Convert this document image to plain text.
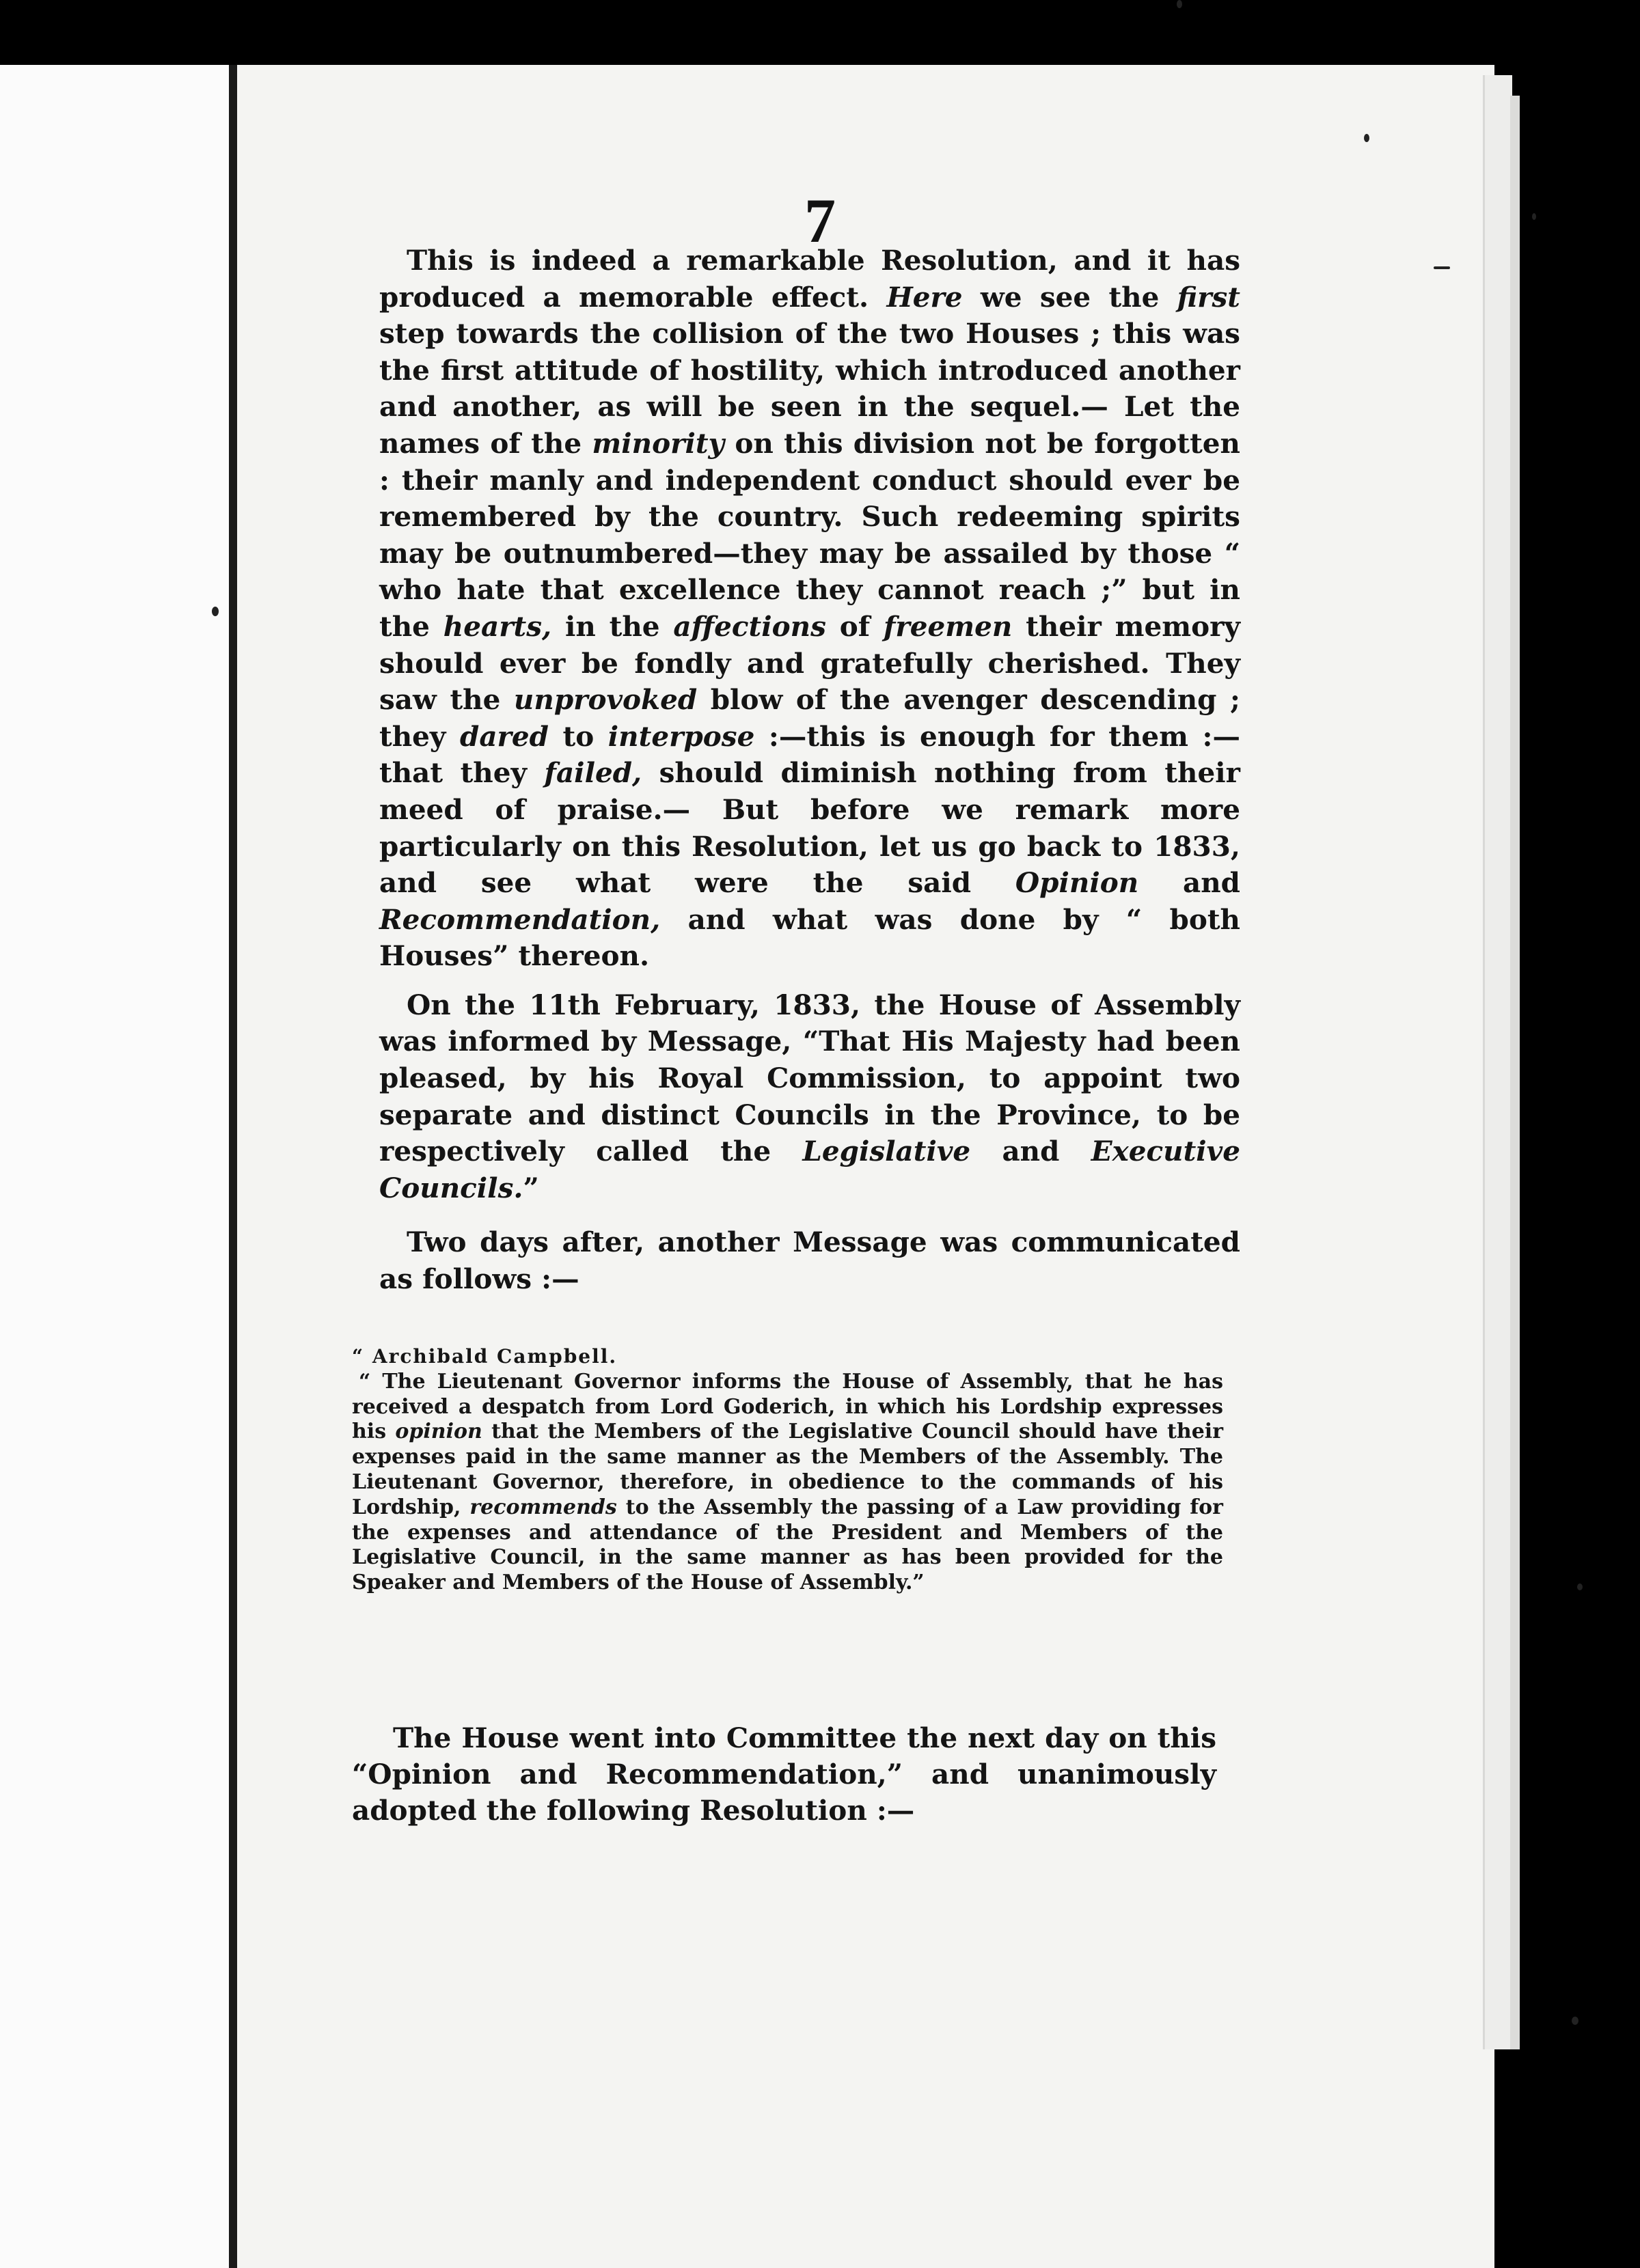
7

This is indeed a remarkable Resolution, and it has produced a memorable effect. Here we see the first step towards the collision of the two Houses ; this was the first attitude of hostility, which introduced another and another, as will be seen in the sequel.— Let the names of the minority on this division not be forgotten : their manly and independent conduct should ever be remembered by the country. Such redeeming spirits may be outnumbered—they may be assailed by those “ who hate that excellence they cannot reach ;” but in the hearts, in the affections of freemen their memory should ever be fondly and gratefully cherished. They saw the unprovoked blow of the avenger descending ; they dared to interpose :—this is enough for them :—that they failed, should diminish nothing from their meed of praise.— But before we remark more particularly on this Resolution, let us go back to 1833, and see what were the said Opinion and Recommendation, and what was done by “ both Houses” thereon.

On the 11th February, 1833, the House of Assembly was informed by Message, “That His Majesty had been pleased, by his Royal Commission, to appoint two separate and distinct Councils in the Province, to be respectively called the Legislative and Executive Councils.”

Two days after, another Message was communicated as follows :—

“ Archibald Campbell.

“ The Lieutenant Governor informs the House of Assembly, that he has received a despatch from Lord Goderich, in which his Lordship expresses his opinion that the Members of the Legislative Council should have their expenses paid in the same manner as the Members of the Assembly. The Lieutenant Governor, therefore, in obedience to the commands of his Lordship, recommends to the Assembly the passing of a Law providing for the expenses and attendance of the President and Members of the Legislative Council, in the same manner as has been provided for the Speaker and Members of the House of Assembly.”

The House went into Committee the next day on this “Opinion and Recommendation,” and unanimously adopted the following Resolution :—
